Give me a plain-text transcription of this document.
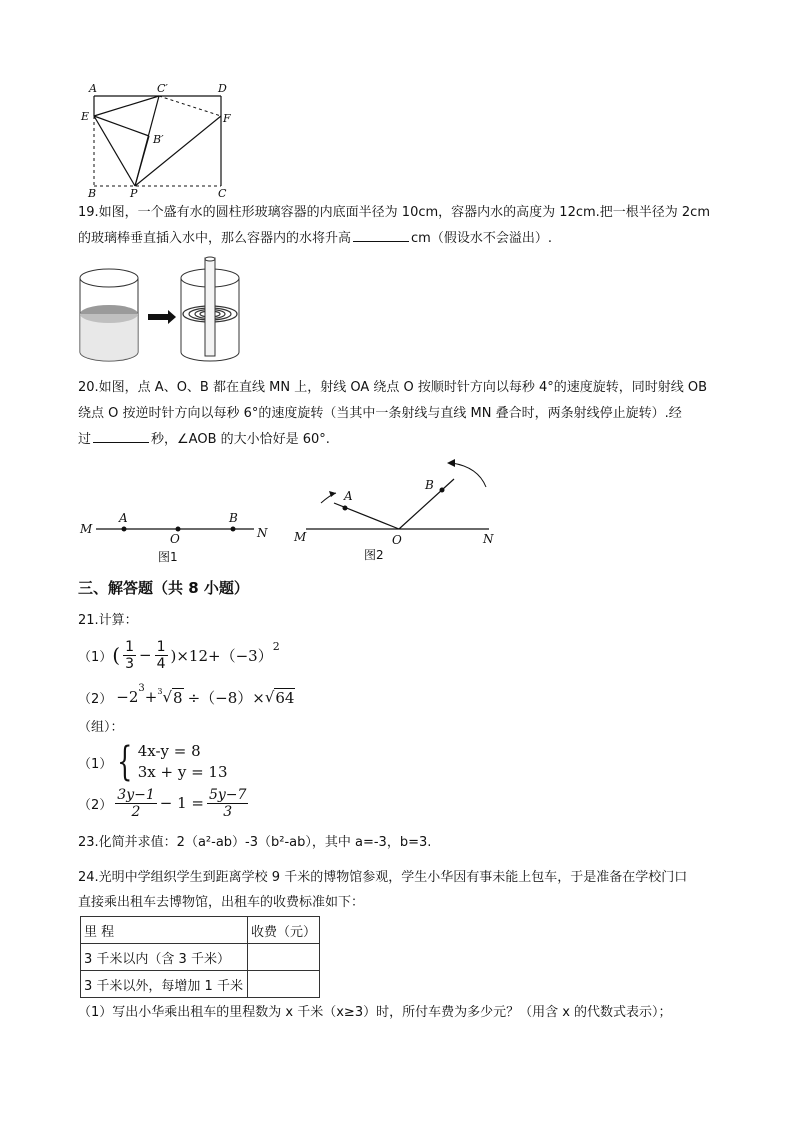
A	C′	D
E	F
B′
B	P	C
19.如图，一个盛有水的圆柱形玻璃容器的内底面半径为 10cm，容器内水的高度为 12cm.把一根半径为 2cm
的玻璃棒垂直插入水中，那么容器内的水将升高	cm（假设水不会溢出）.
20.如图，点 A、O、B 都在直线 MN 上，射线 OA 绕点 O 按顺时针方向以每秒 4°的速度旋转，同时射线 OB
绕点 O 按逆时针方向以每秒 6°的速度旋转（当其中一条射线与直线 MN 叠合时，两条射线停止旋转）.经
过	秒，∠AOB 的大小恰好是 60°.
M
A
O
B
N
图1
M
A
O
B
N
图2
三、解答题（共 8 小题）
21.计算：
（1） ( $\frac{1}{3} - \frac{1}{4} )\times 12+(-3)^2$
$(2) -2^3 +^3$ √ 8 ÷（−8）× √ 64
（组）：
（1） { 4x-y = 8
3x + y = 13
$(2) \frac{3y-1}{2} - 1 = \frac{5y-7}{3}$
23.化简并求值：2（a²-ab）-3（b²-ab），其中 a=-3，b=3.
24.光明中学组织学生到距离学校 9 千米的博物馆参观，学生小华因有事未能上包车，于是准备在学校门口
直接乘出租车去博物馆，出租车的收费标准如下：
里 程	收费（元）
3 千米以内（含 3 千米）	
3 千米以外，每增加 1 千米	
（1）写出小华乘出租车的里程数为 x 千米（x≥3）时，所付车费为多少元？（用含 x 的代数式表示）；
